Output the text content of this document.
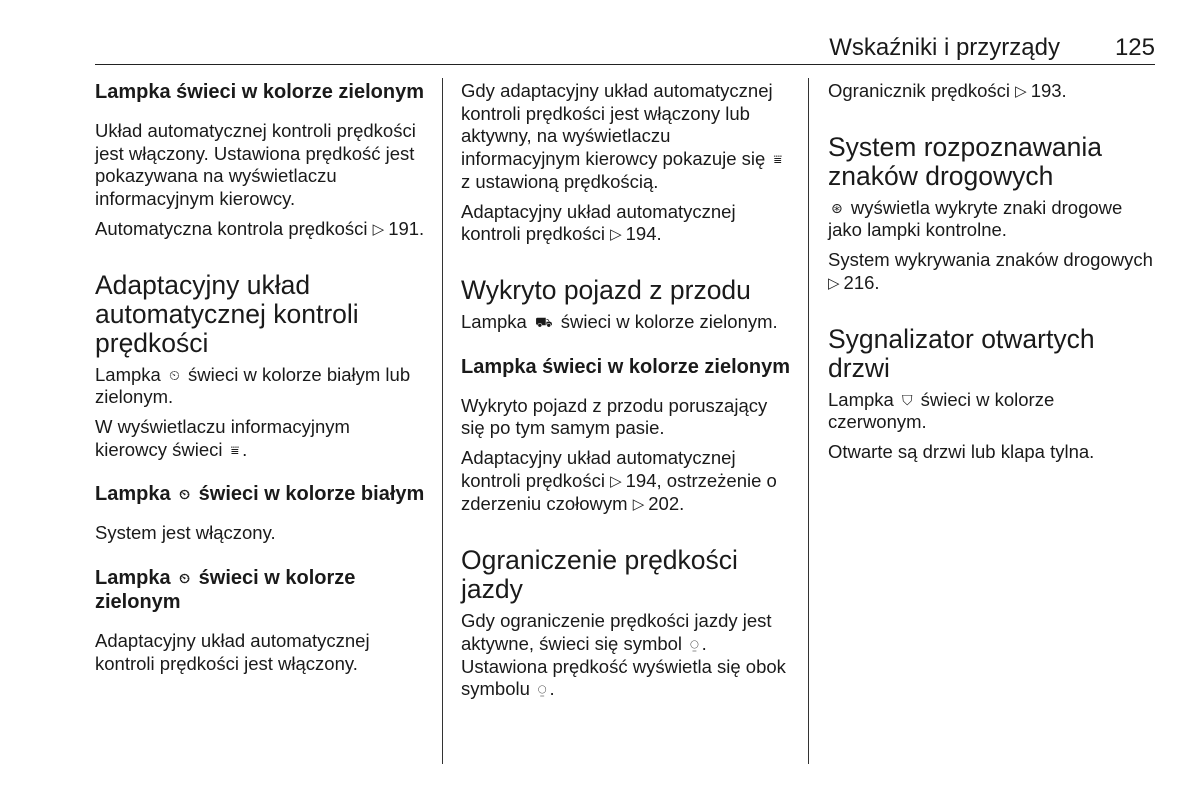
Wskaźniki i przyrządy 125
Lampka świeci w kolorze zielonym
Układ automatycznej kontroli prędkości jest włączony. Ustawiona prędkość jest pokazywana na wyświetlaczu informacyjnym kierowcy.
Automatyczna kontrola prędkości ▷ 191.
Adaptacyjny układ automatycznej kontroli prędkości
Lampka ⏲ świeci w kolorze białym lub zielonym.
W wyświetlaczu informacyjnym kierowcy świeci ⩸ .
Lampka ⏲ świeci w kolorze białym
System jest włączony.
Lampka ⏲ świeci w kolorze zielonym
Adaptacyjny układ automatycznej kontroli prędkości jest włączony.
Gdy adaptacyjny układ automatycznej kontroli prędkości jest włączony lub aktywny, na wyświetlaczu informacyjnym kierowcy pokazuje się ⩸ z ustawioną prędkością.
Adaptacyjny układ automatycznej kontroli prędkości ▷ 194.
Wykryto pojazd z przodu
Lampka ⛟ świeci w kolorze zielonym.
Lampka świeci w kolorze zielonym
Wykryto pojazd z przodu poruszający się po tym samym pasie.
Adaptacyjny układ automatycznej kontroli prędkości ▷ 194, ostrzeżenie o zderzeniu czołowym ▷ 202.
Ograniczenie prędkości jazdy
Gdy ograniczenie prędkości jazdy jest aktywne, świeci się symbol ⍜ . Ustawiona prędkość wyświetla się obok symbolu ⍜ .
Ogranicznik prędkości ▷ 193.
System rozpoznawania znaków drogowych
⊛ wyświetla wykryte znaki drogowe jako lampki kontrolne.
System wykrywania znaków drogowych ▷ 216.
Sygnalizator otwartych drzwi
Lampka ⛉ świeci w kolorze czerwonym.
Otwarte są drzwi lub klapa tylna.
